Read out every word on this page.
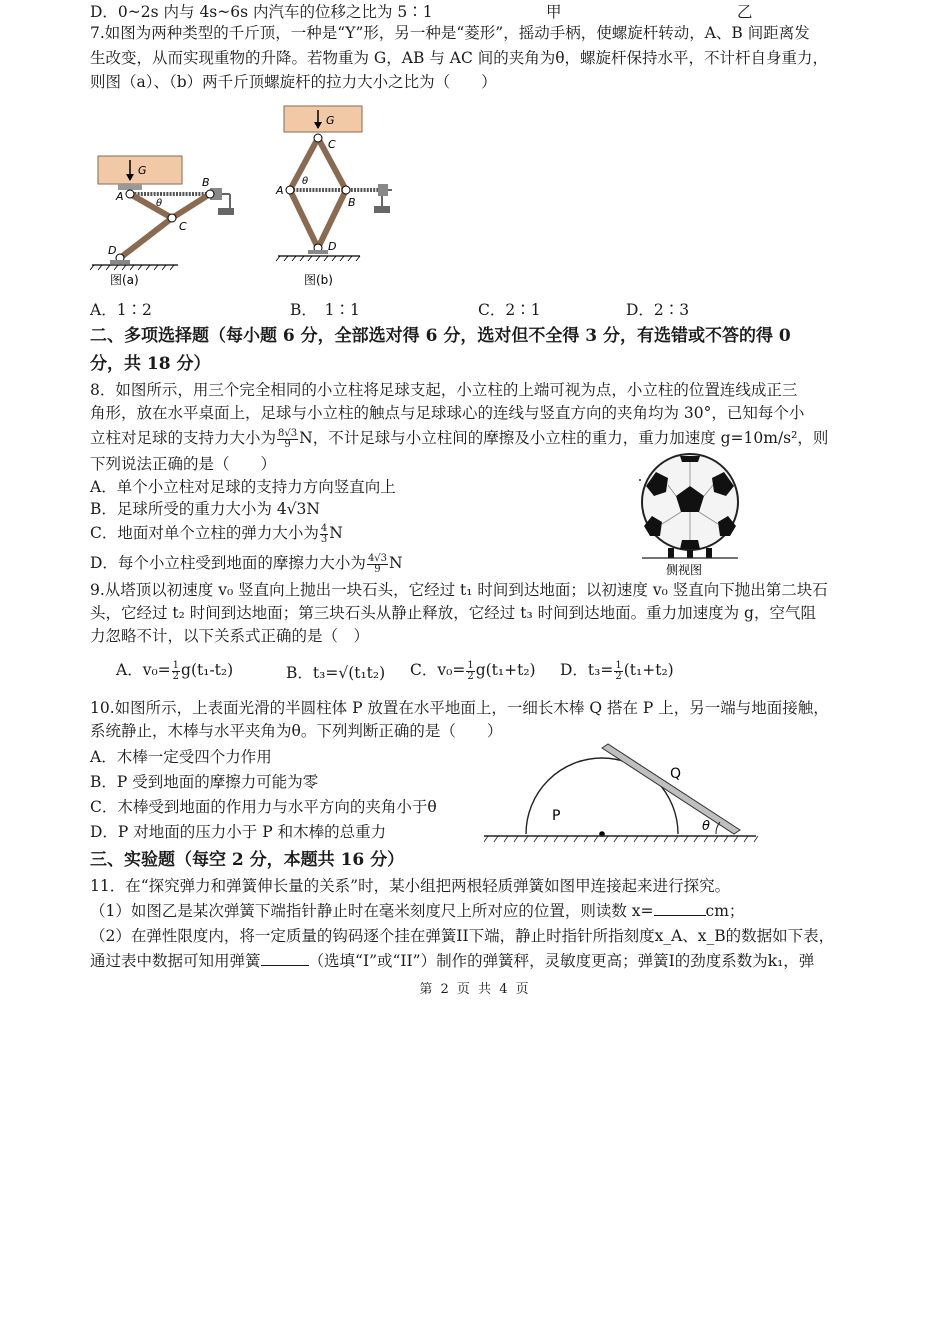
D．0~2s 内与 4s~6s 内汽车的位移之比为 5∶1	甲	乙
7.如图为两种类型的千斤顶，一种是“Y”形，另一种是“菱形”，摇动手柄，使螺旋杆转动，A、B 间距离发
生改变，从而实现重物的升降。若物重为 G，AB 与 AC 间的夹角为θ，螺旋杆保持水平，不计杆自身重力，
则图（a）、（b）两千斤顶螺旋杆的拉力大小之比为（　　）
G
A
B
C
D
θ
图(a)
G
C
A
B
D
θ
图(b)
A．1∶2	B．　1∶1	C．2∶1	D．2∶3
二、多项选择题（每小题 6 分，全部选对得 6 分，选对但不全得 3 分，有选错或不答的得 0
分，共 18 分）
8．如图所示，用三个完全相同的小立柱将足球支起，小立柱的上端可视为点，小立柱的位置连线成正三
角形，放在水平桌面上，足球与小立柱的触点与足球球心的连线与竖直方向的夹角均为 30°，已知每个小
立柱对足球的支持力大小为 $\frac{8√3}{9}$ N，不计足球与小立柱间的摩擦及小立柱的重力，重力加速度 g=10m/s²，则
下列说法正确的是（　　）
A．单个小立柱对足球的支持力方向竖直向上
B．足球所受的重力大小为 4√3N
C．地面对单个立柱的弹力大小为 $\frac{4}{3}$ N
D．每个小立柱受到地面的摩擦力大小为 $\frac{4√3}{9}$ N	侧视图
9.从塔顶以初速度 v₀ 竖直向上抛出一块石头，它经过 t₁ 时间到达地面；以初速度 v₀ 竖直向下抛出第二块石
头，它经过 t₂ 时间到达地面；第三块石头从静止释放，它经过 t₃ 时间到达地面。重力加速度为 g，空气阻
力忽略不计，以下关系式正确的是（　）
A．$v_0= \frac{1}{2} g(t_1-t_2)$	B．t₃=√(t₁t₂) C．$v_0= \frac{1}{2} g(t_1+t_2)$ D．$t_3= \frac{1}{2} (t_1+t_2)$
10.如图所示，上表面光滑的半圆柱体 P 放置在水平地面上，一细长木棒 Q 搭在 P 上，另一端与地面接触，
系统静止，木棒与水平夹角为θ。下列判断正确的是（　　）
A．木棒一定受四个力作用
B．P 受到地面的摩擦力可能为零
C．木棒受到地面的作用力与水平方向的夹角小于θ
D．P 对地面的压力小于 P 和木棒的总重力
P
Q
θ
三、实验题（每空 2 分，本题共 16 分）
11．在“探究弹力和弹簧伸长量的关系”时，某小组把两根轻质弹簧如图甲连接起来进行探究。
（1）如图乙是某次弹簧下端指针静止时在毫米刻度尺上所对应的位置，则读数 x=	cm；
（2）在弹性限度内，将一定质量的钩码逐个挂在弹簧II下端，静止时指针所指刻度x_A、x_B的数据如下表，
通过表中数据可知用弹簧	（选填“I”或“II”）制作的弹簧秤，灵敏度更高；弹簧I的劲度系数为k₁，弹
第 2 页 共 4 页
